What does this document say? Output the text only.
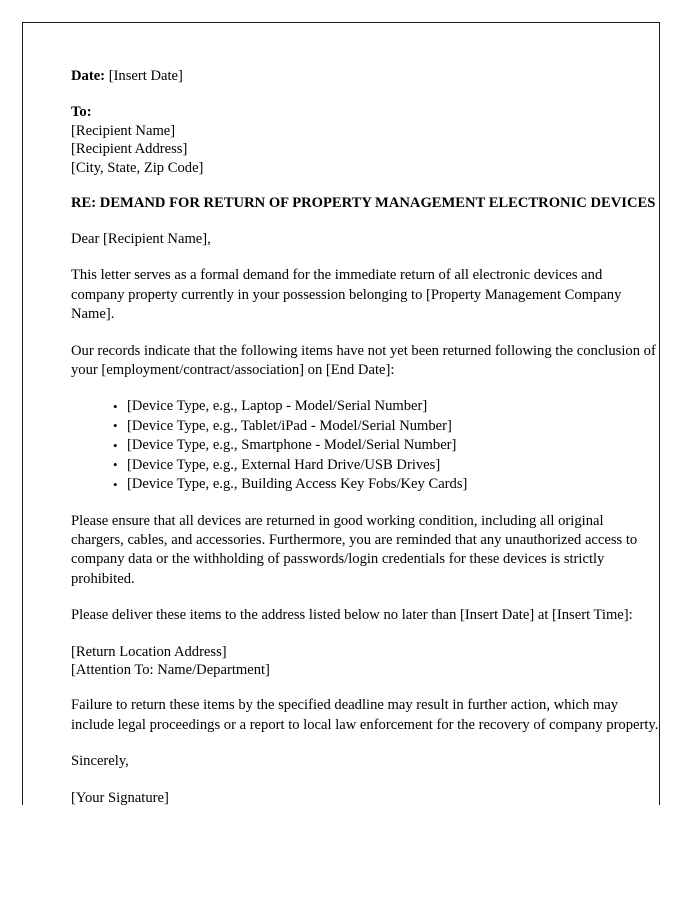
Date: [Insert Date]

To:
[Recipient Name]
[Recipient Address]
[City, State, Zip Code]

RE: DEMAND FOR RETURN OF PROPERTY MANAGEMENT ELECTRONIC DEVICES

Dear [Recipient Name],

This letter serves as a formal demand for the immediate return of all electronic devices and company property currently in your possession belonging to [Property Management Company Name].

Our records indicate that the following items have not yet been returned following the conclusion of your [employment/contract/association] on [End Date]:

• [Device Type, e.g., Laptop - Model/Serial Number]
• [Device Type, e.g., Tablet/iPad - Model/Serial Number]
• [Device Type, e.g., Smartphone - Model/Serial Number]
• [Device Type, e.g., External Hard Drive/USB Drives]
• [Device Type, e.g., Building Access Key Fobs/Key Cards]

Please ensure that all devices are returned in good working condition, including all original chargers, cables, and accessories. Furthermore, you are reminded that any unauthorized access to company data or the withholding of passwords/login credentials for these devices is strictly prohibited.

Please deliver these items to the address listed below no later than [Insert Date] at [Insert Time]:

[Return Location Address]
[Attention To: Name/Department]

Failure to return these items by the specified deadline may result in further action, which may include legal proceedings or a report to local law enforcement for the recovery of company property.

Sincerely,

[Your Signature]
